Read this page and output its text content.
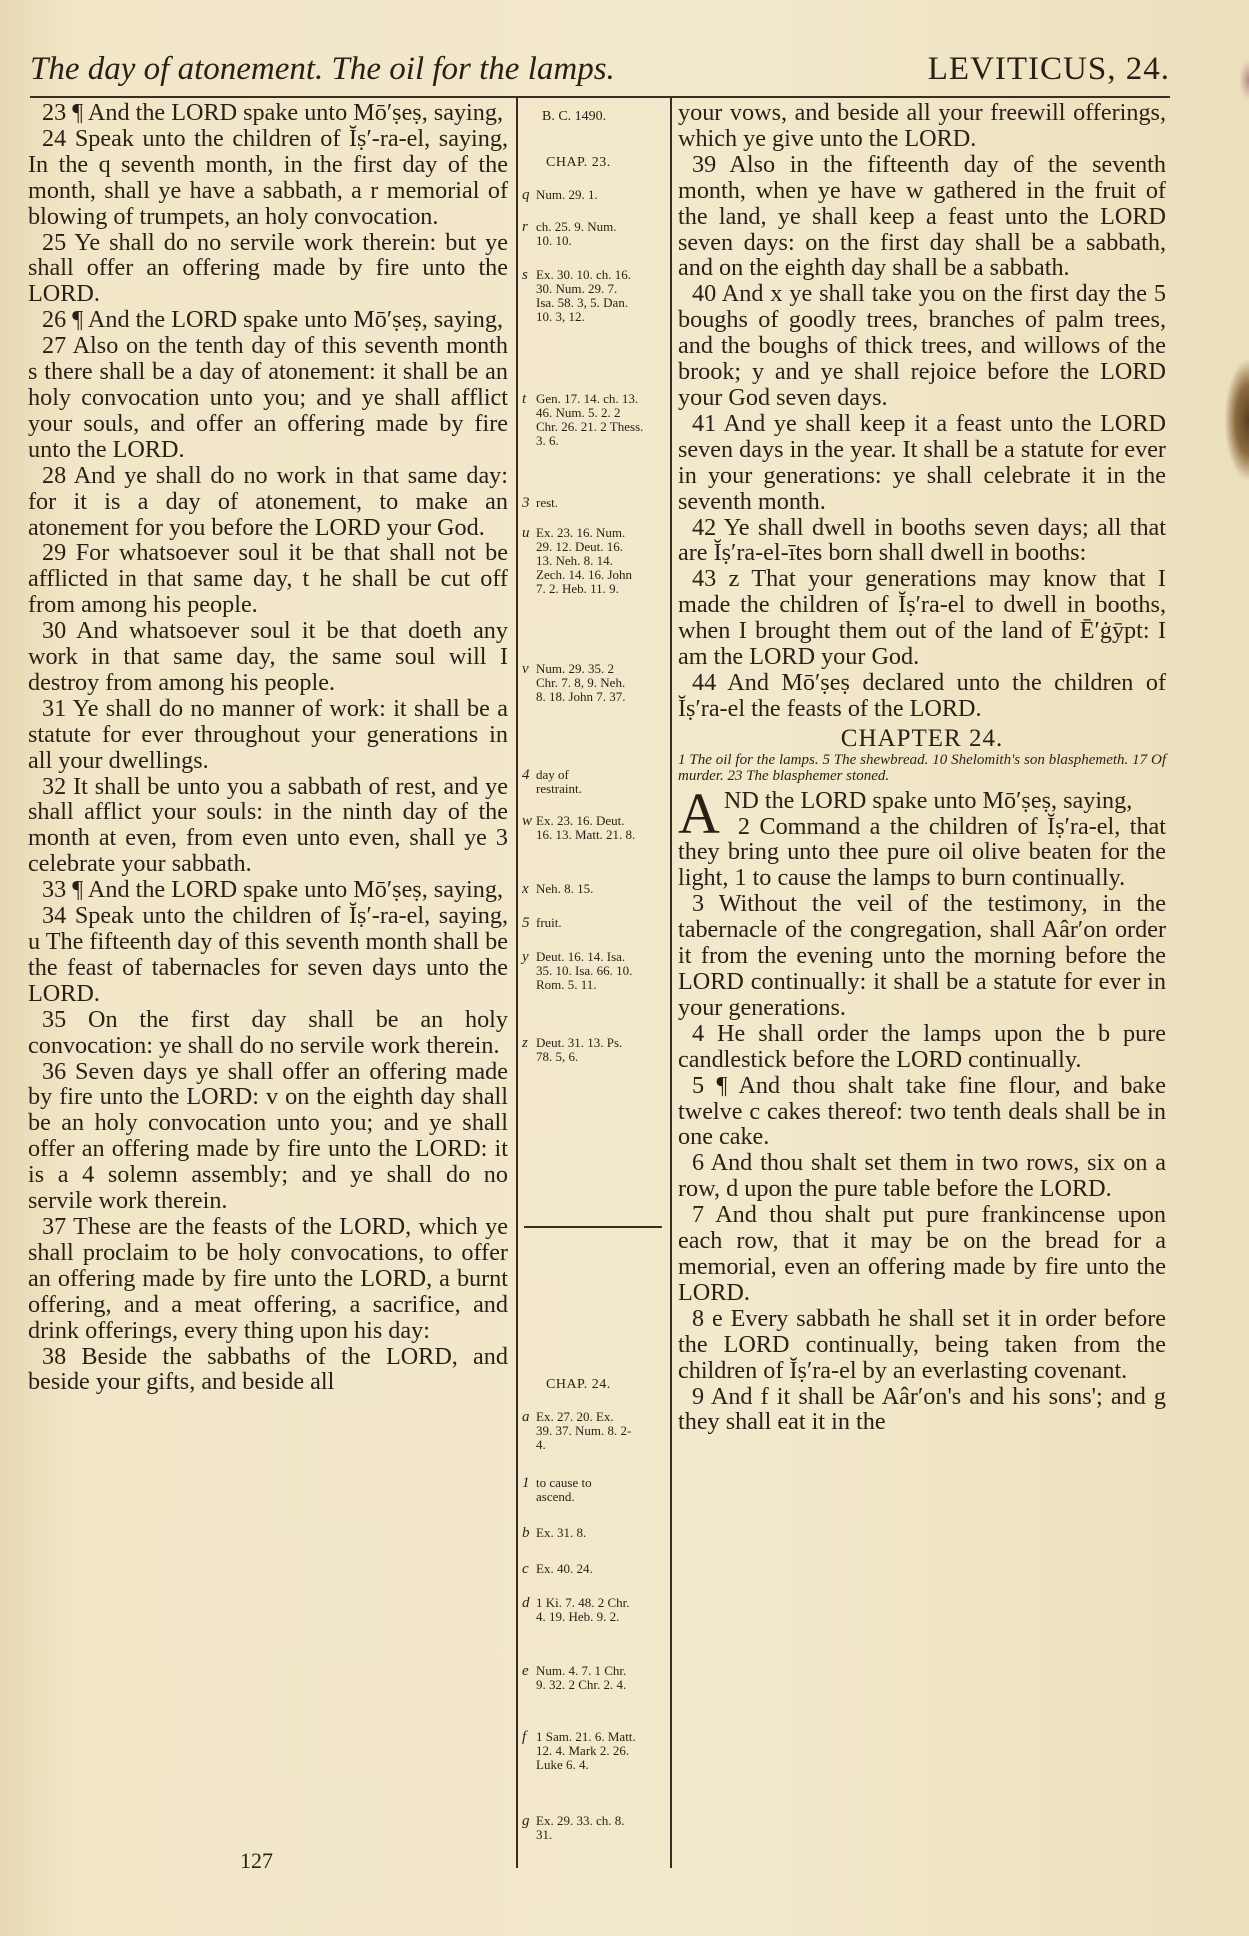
The day of atonement. The oil for the lamps.	LEVITICUS, 24.

23 ¶ And the LORD spake unto Mō′ṣeṣ, saying,

24 Speak unto the children of Ĭṣ′-ra-el, saying, In the q seventh month, in the first day of the month, shall ye have a sabbath, a r memorial of blowing of trumpets, an holy convocation.

25 Ye shall do no servile work therein: but ye shall offer an offering made by fire unto the LORD.

26 ¶ And the LORD spake unto Mō′ṣeṣ, saying,

27 Also on the tenth day of this seventh month s there shall be a day of atonement: it shall be an holy convocation unto you; and ye shall afflict your souls, and offer an offering made by fire unto the LORD.

28 And ye shall do no work in that same day: for it is a day of atonement, to make an atonement for you before the LORD your God.

29 For whatsoever soul it be that shall not be afflicted in that same day, t he shall be cut off from among his people.

30 And whatsoever soul it be that doeth any work in that same day, the same soul will I destroy from among his people.

31 Ye shall do no manner of work: it shall be a statute for ever throughout your generations in all your dwellings.

32 It shall be unto you a sabbath of rest, and ye shall afflict your souls: in the ninth day of the month at even, from even unto even, shall ye 3 celebrate your sabbath.

33 ¶ And the LORD spake unto Mō′ṣeṣ, saying,

34 Speak unto the children of Ĭṣ′-ra-el, saying, u The fifteenth day of this seventh month shall be the feast of tabernacles for seven days unto the LORD.

35 On the first day shall be an holy convocation: ye shall do no servile work therein.

36 Seven days ye shall offer an offering made by fire unto the LORD: v on the eighth day shall be an holy convocation unto you; and ye shall offer an offering made by fire unto the LORD: it is a 4 solemn assembly; and ye shall do no servile work therein.

37 These are the feasts of the LORD, which ye shall proclaim to be holy convocations, to offer an offering made by fire unto the LORD, a burnt offering, and a meat offering, a sacrifice, and drink offerings, every thing upon his day:

38 Beside the sabbaths of the LORD, and beside your gifts, and beside all

B. C. 1490.
CHAP. 23.
CHAP. 24.
q Num. 29. 1.
r ch. 25. 9. Num. 10. 10.
s Ex. 30. 10. ch. 16. 30. Num. 29. 7. Isa. 58. 3, 5. Dan. 10. 3, 12.
t Gen. 17. 14. ch. 13. 46. Num. 5. 2. 2 Chr. 26. 21. 2 Thess. 3. 6.
3 rest.
u Ex. 23. 16. Num. 29. 12. Deut. 16. 13. Neh. 8. 14. Zech. 14. 16. John 7. 2. Heb. 11. 9.
v Num. 29. 35. 2 Chr. 7. 8, 9. Neh. 8. 18. John 7. 37.
4 day of restraint.
w Ex. 23. 16. Deut. 16. 13. Matt. 21. 8.
x Neh. 8. 15.
5 fruit.
y Deut. 16. 14. Isa. 35. 10. Isa. 66. 10. Rom. 5. 11.
z Deut. 31. 13. Ps. 78. 5, 6.
a Ex. 27. 20. Ex. 39. 37. Num. 8. 2-4.
1 to cause to ascend.
b Ex. 31. 8.
c Ex. 40. 24.
d 1 Ki. 7. 48. 2 Chr. 4. 19. Heb. 9. 2.
e Num. 4. 7. 1 Chr. 9. 32. 2 Chr. 2. 4.
f 1 Sam. 21. 6. Matt. 12. 4. Mark 2. 26. Luke 6. 4.
g Ex. 29. 33. ch. 8. 31.

your vows, and beside all your freewill offerings, which ye give unto the LORD.

39 Also in the fifteenth day of the seventh month, when ye have w gathered in the fruit of the land, ye shall keep a feast unto the LORD seven days: on the first day shall be a sabbath, and on the eighth day shall be a sabbath.

40 And x ye shall take you on the first day the 5 boughs of goodly trees, branches of palm trees, and the boughs of thick trees, and willows of the brook; y and ye shall rejoice before the LORD your God seven days.

41 And ye shall keep it a feast unto the LORD seven days in the year. It shall be a statute for ever in your generations: ye shall celebrate it in the seventh month.

42 Ye shall dwell in booths seven days; all that are Ĭṣ′ra-el-ītes born shall dwell in booths:

43 z That your generations may know that I made the children of Ĭṣ′ra-el to dwell in booths, when I brought them out of the land of Ē′ġȳpt: I am the LORD your God.

44 And Mō′ṣeṣ declared unto the children of Ĭṣ′ra-el the feasts of the LORD.

CHAPTER 24.

1 The oil for the lamps. 5 The shewbread. 10 Shelomith's son blasphemeth. 17 Of murder. 23 The blasphemer stoned.

AND the LORD spake unto Mō′ṣeṣ, saying,

2 Command a the children of Ĭṣ′ra-el, that they bring unto thee pure oil olive beaten for the light, 1 to cause the lamps to burn continually.

3 Without the veil of the testimony, in the tabernacle of the congregation, shall Aâr′on order it from the evening unto the morning before the LORD continually: it shall be a statute for ever in your generations.

4 He shall order the lamps upon the b pure candlestick before the LORD continually.

5 ¶ And thou shalt take fine flour, and bake twelve c cakes thereof: two tenth deals shall be in one cake.

6 And thou shalt set them in two rows, six on a row, d upon the pure table before the LORD.

7 And thou shalt put pure frankincense upon each row, that it may be on the bread for a memorial, even an offering made by fire unto the LORD.

8 e Every sabbath he shall set it in order before the LORD continually, being taken from the children of Ĭṣ′ra-el by an everlasting covenant.

9 And f it shall be Aâr′on's and his sons'; and g they shall eat it in the

127
